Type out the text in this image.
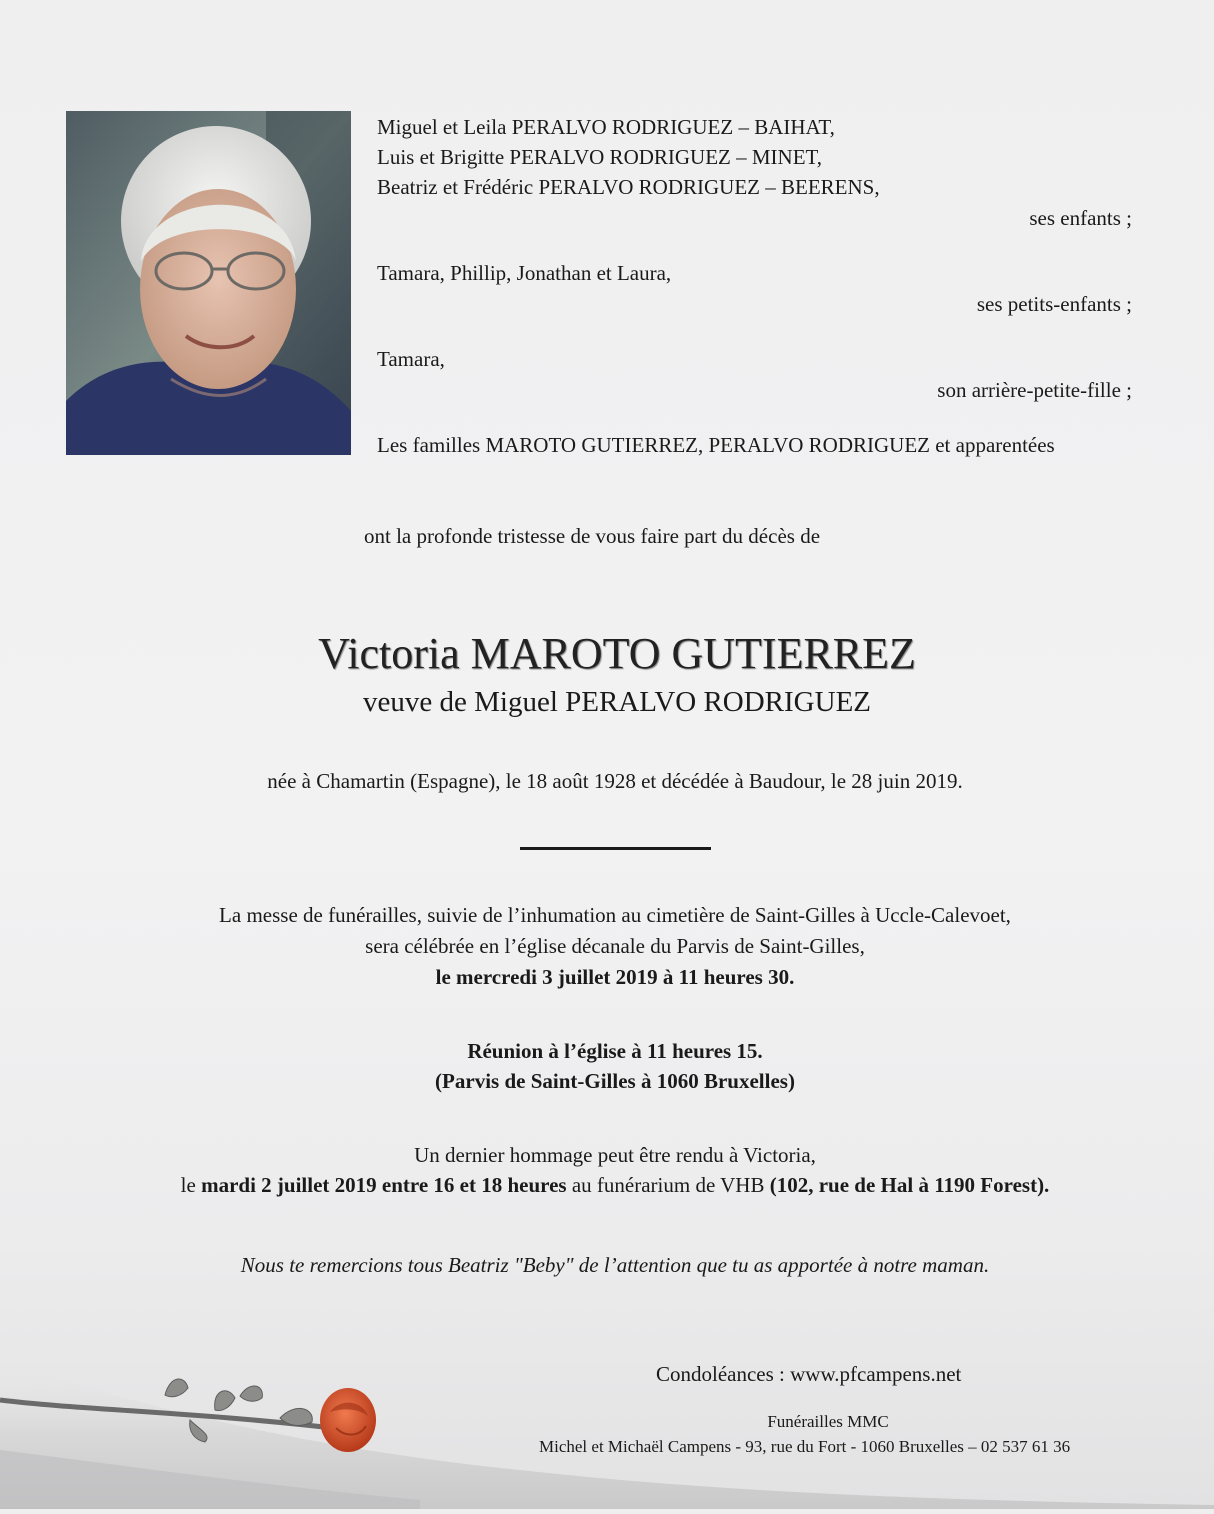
Miguel et Leila PERALVO RODRIGUEZ – BAIHAT,
Luis et Brigitte PERALVO RODRIGUEZ – MINET,
Beatriz et Frédéric PERALVO RODRIGUEZ – BEERENS,
ses enfants ;
Tamara, Phillip, Jonathan et Laura,
ses petits-enfants ;
Tamara,
son arrière-petite-fille ;
Les familles MAROTO GUTIERREZ, PERALVO RODRIGUEZ et apparentées
ont la profonde tristesse de vous faire part du décès de
Victoria MAROTO GUTIERREZ
veuve de Miguel PERALVO RODRIGUEZ
née à Chamartin (Espagne), le 18 août 1928 et décédée à Baudour, le 28 juin 2019.
La messe de funérailles, suivie de l’inhumation au cimetière de Saint-Gilles à Uccle-Calevoet,
sera célébrée en l’église décanale du Parvis de Saint-Gilles,
le mercredi 3 juillet 2019 à 11 heures 30.
Réunion à l’église à 11 heures 15.
(Parvis de Saint-Gilles à 1060 Bruxelles)
Un dernier hommage peut être rendu à Victoria,
le mardi 2 juillet 2019 entre 16 et 18 heures au funérarium de VHB (102, rue de Hal à 1190 Forest).
Nous te remercions tous Beatriz "Beby" de l’attention que tu as apportée à notre maman.
Condoléances : www.pfcampens.net
Funérailles MMC
Michel et Michaël Campens - 93, rue du Fort - 1060 Bruxelles – 02 537 61 36
